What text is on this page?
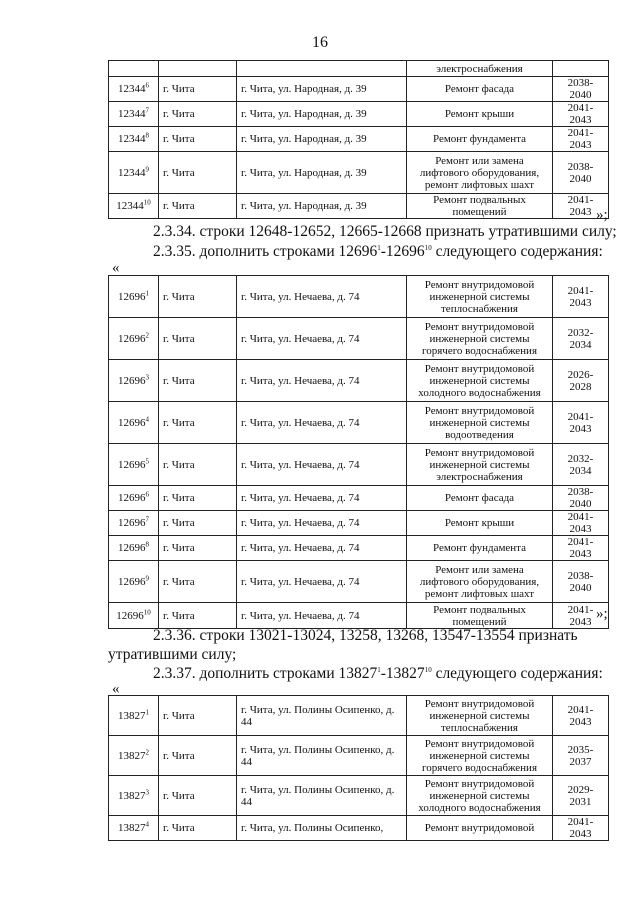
16
			электроснабжения	
12344$^6$	г. Чита	г. Чита, ул. Народная, д. 39	Ремонт фасада	2038-2040
12344$^7$	г. Чита	г. Чита, ул. Народная, д. 39	Ремонт крыши	2041-2043
12344$^8$	г. Чита	г. Чита, ул. Народная, д. 39	Ремонт фундамента	2041-2043
12344$^9$	г. Чита	г. Чита, ул. Народная, д. 39	Ремонт или замена лифтового оборудования, ремонт лифтовых шахт	2038-2040
12344$^{10}$	г. Чита	г. Чита, ул. Народная, д. 39	Ремонт подвальных помещений	2041-2043 »;
2.3.34. строки 12648-12652, 12665-12668 признать утратившими силу;
2.3.35. дополнить строками 12696$^1$-12696$^{10}$ следующего содержания:
«
12696$^1$	г. Чита	г. Чита, ул. Нечаева, д. 74	Ремонт внутридомовой инженерной системы теплоснабжения	2041-2043
12696$^2$	г. Чита	г. Чита, ул. Нечаева, д. 74	Ремонт внутридомовой инженерной системы горячего водоснабжения	2032-2034
12696$^3$	г. Чита	г. Чита, ул. Нечаева, д. 74	Ремонт внутридомовой инженерной системы холодного водоснабжения	2026-2028
12696$^4$	г. Чита	г. Чита, ул. Нечаева, д. 74	Ремонт внутридомовой инженерной системы водоотведения	2041-2043
12696$^5$	г. Чита	г. Чита, ул. Нечаева, д. 74	Ремонт внутридомовой инженерной системы электроснабжения	2032-2034
12696$^6$	г. Чита	г. Чита, ул. Нечаева, д. 74	Ремонт фасада	2038-2040
12696$^7$	г. Чита	г. Чита, ул. Нечаева, д. 74	Ремонт крыши	2041-2043
12696$^8$	г. Чита	г. Чита, ул. Нечаева, д. 74	Ремонт фундамента	2041-2043
12696$^9$	г. Чита	г. Чита, ул. Нечаева, д. 74	Ремонт или замена лифтового оборудования, ремонт лифтовых шахт	2038-2040
12696$^{10}$	г. Чита	г. Чита, ул. Нечаева, д. 74	Ремонт подвальных помещений	2041-2043 »;
2.3.36. строки 13021-13024, 13258, 13268, 13547-13554 признать
утратившими силу;
2.3.37. дополнить строками 13827$^1$-13827$^{10}$ следующего содержания:
«
13827$^1$	г. Чита	г. Чита, ул. Полины Осипенко, д. 44	Ремонт внутридомовой инженерной системы теплоснабжения	2041-2043
13827$^2$	г. Чита	г. Чита, ул. Полины Осипенко, д. 44	Ремонт внутридомовой инженерной системы горячего водоснабжения	2035-2037
13827$^3$	г. Чита	г. Чита, ул. Полины Осипенко, д. 44	Ремонт внутридомовой инженерной системы холодного водоснабжения	2029-2031
13827$^4$	г. Чита	г. Чита, ул. Полины Осипенко,	Ремонт внутридомовой	2041-2043
